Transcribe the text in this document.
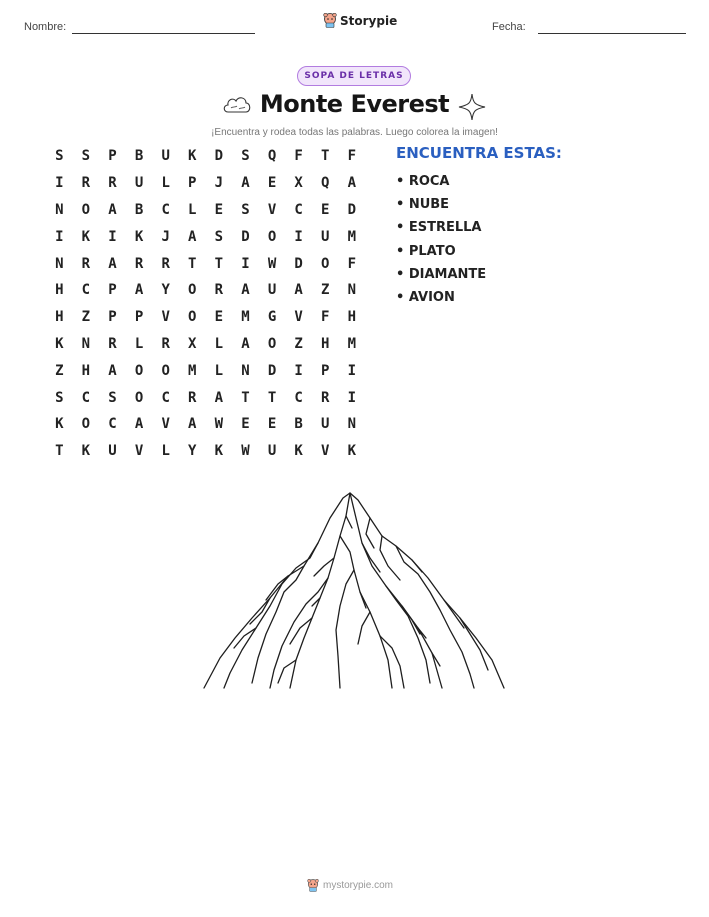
Nombre:	Storypie	Fecha:
SOPA DE LETRAS
Monte Everest
¡Encuentra y rodea todas las palabras. Luego colorea la imagen!
S	S	P	B	U	K	D	S	Q	F	T	F
I	R	R	U	L	P	J	A	E	X	Q	A
N	O	A	B	C	L	E	S	V	C	E	D
I	K	I	K	J	A	S	D	O	I	U	M
N	R	A	R	R	T	T	I	W	D	O	F
H	C	P	A	Y	O	R	A	U	A	Z	N
H	Z	P	P	V	O	E	M	G	V	F	H
K	N	R	L	R	X	L	A	O	Z	H	M
Z	H	A	O	O	M	L	N	D	I	P	I
S	C	S	O	C	R	A	T	T	C	R	I
K	O	C	A	V	A	W	E	E	B	U	N
T	K	U	V	L	Y	K	W	U	K	V	K
ENCUENTRA ESTAS:
• ROCA
• NUBE
• ESTRELLA
• PLATO
• DIAMANTE
• AVION
mystorypie.com
